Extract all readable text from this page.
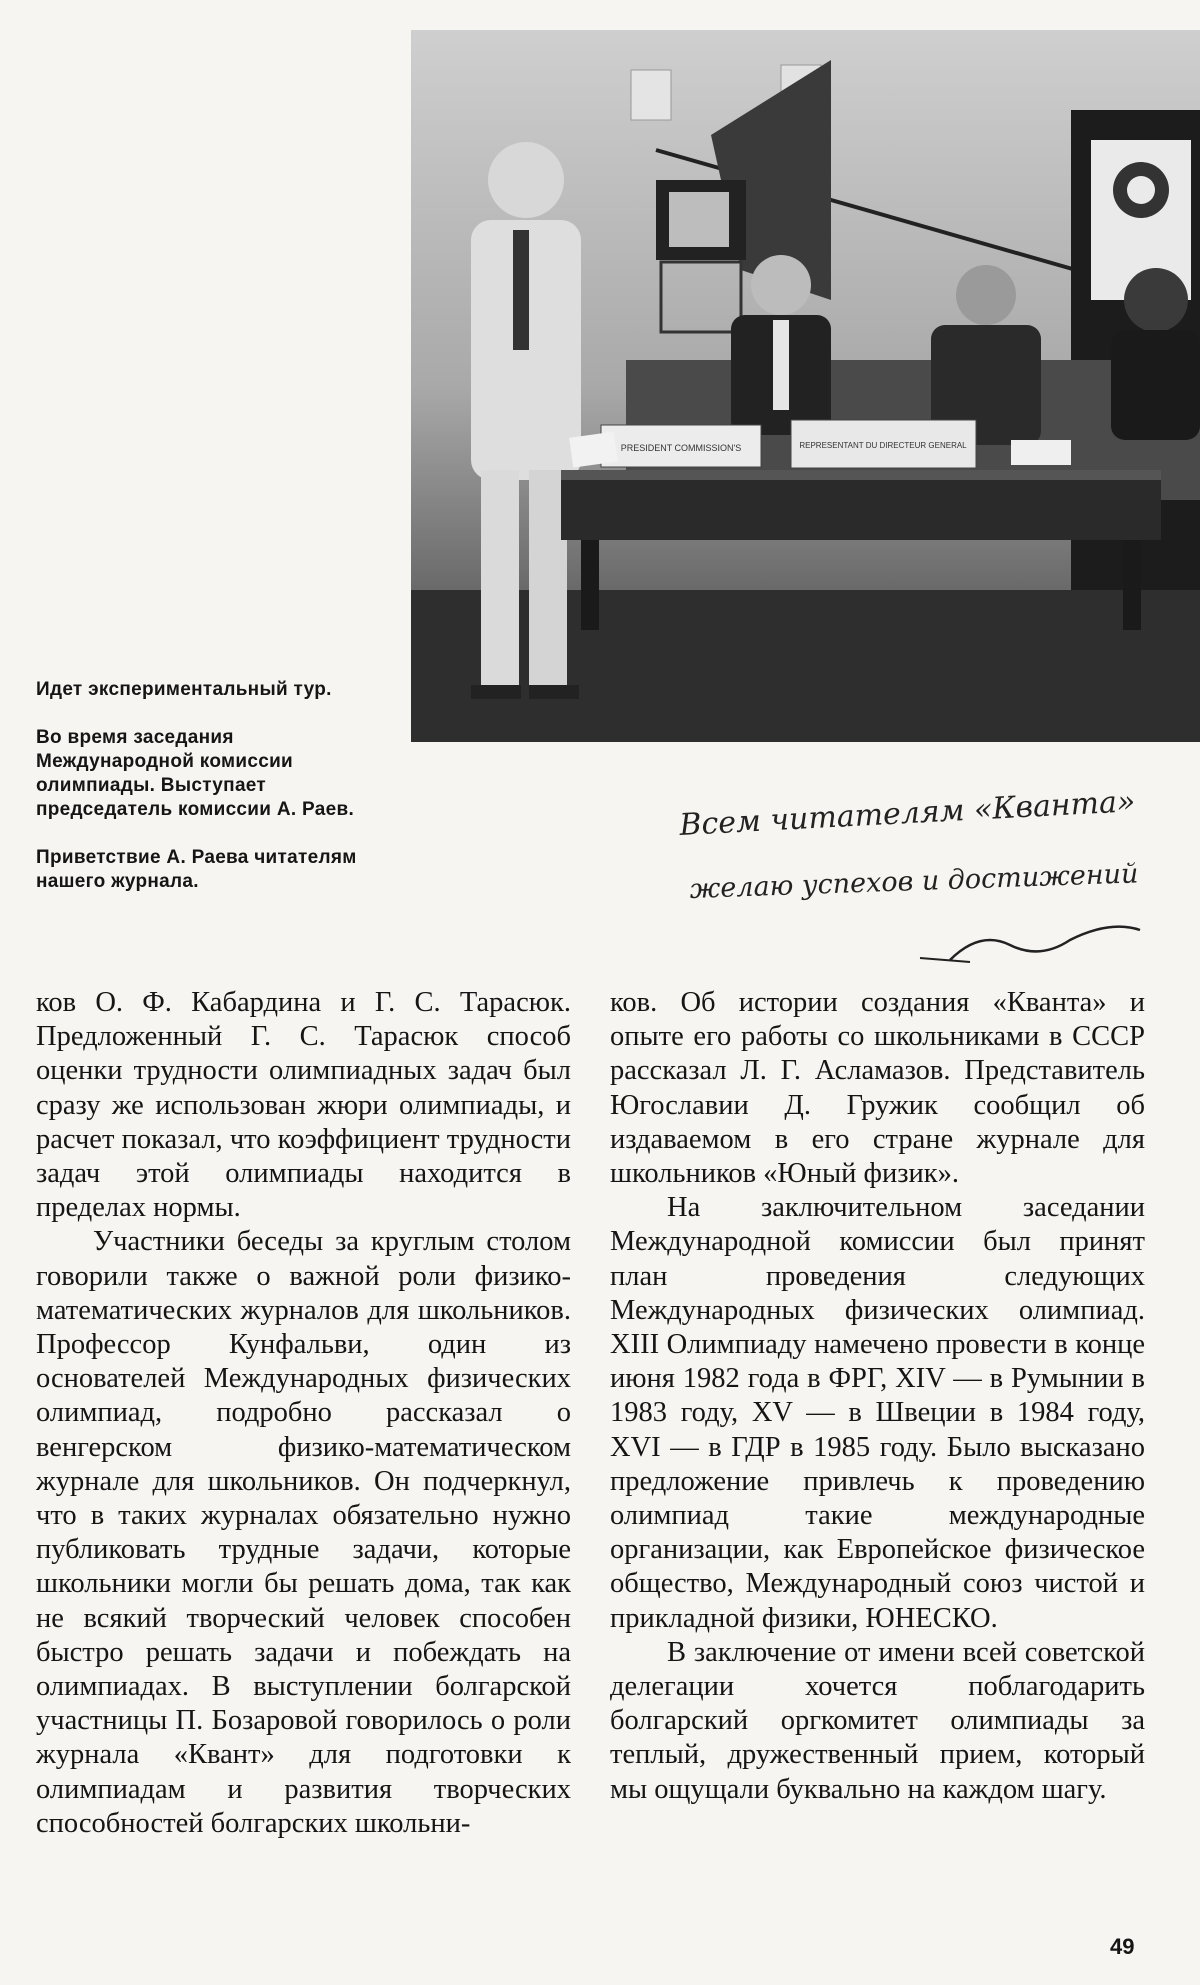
PRESIDENT COMMISSION'S	REPRESENTANT DU DIRECTEUR GENERAL

Идет экспериментальный тур.

Во время заседания Международной комиссии олимпиады. Выступает председатель комиссии А. Раев.

Приветствие А. Раева читателям нашего журнала.

Всем читателям «Кванта»
желаю успехов и достижений

ков О. Ф. Кабардина и Г. С. Тарасюк. Предложенный Г. С. Тарасюк способ оценки трудности олимпиадных задач был сразу же использован жюри олимпиады, и расчет показал, что коэффициент трудности задач этой олимпиады находится в пределах нормы.

Участники беседы за круглым столом говорили также о важной роли физико-математических журналов для школьников. Профессор Кунфальви, один из основателей Международных физических олимпиад, подробно рассказал о венгерском физико-математическом журнале для школьников. Он подчеркнул, что в таких журналах обязательно нужно публиковать трудные задачи, которые школьники могли бы решать дома, так как не всякий творческий человек способен быстро решать задачи и побеждать на олимпиадах. В выступлении болгарской участницы П. Бозаровой говорилось о роли журнала «Квант» для подготовки к олимпиадам и развития творческих способностей болгарских школьни-

ков. Об истории создания «Кванта» и опыте его работы со школьниками в СССР рассказал Л. Г. Асламазов. Представитель Югославии Д. Гружик сообщил об издаваемом в его стране журнале для школьников «Юный физик».

На заключительном заседании Международной комиссии был принят план проведения следующих Международных физических олимпиад. XIII Олимпиаду намечено провести в конце июня 1982 года в ФРГ, XIV — в Румынии в 1983 году, XV — в Швеции в 1984 году, XVI — в ГДР в 1985 году. Было высказано предложение привлечь к проведению олимпиад такие международные организации, как Европейское физическое общество, Международный союз чистой и прикладной физики, ЮНЕСКО.

В заключение от имени всей советской делегации хочется поблагодарить болгарский оргкомитет олимпиады за теплый, дружественный прием, который мы ощущали буквально на каждом шагу.

49
